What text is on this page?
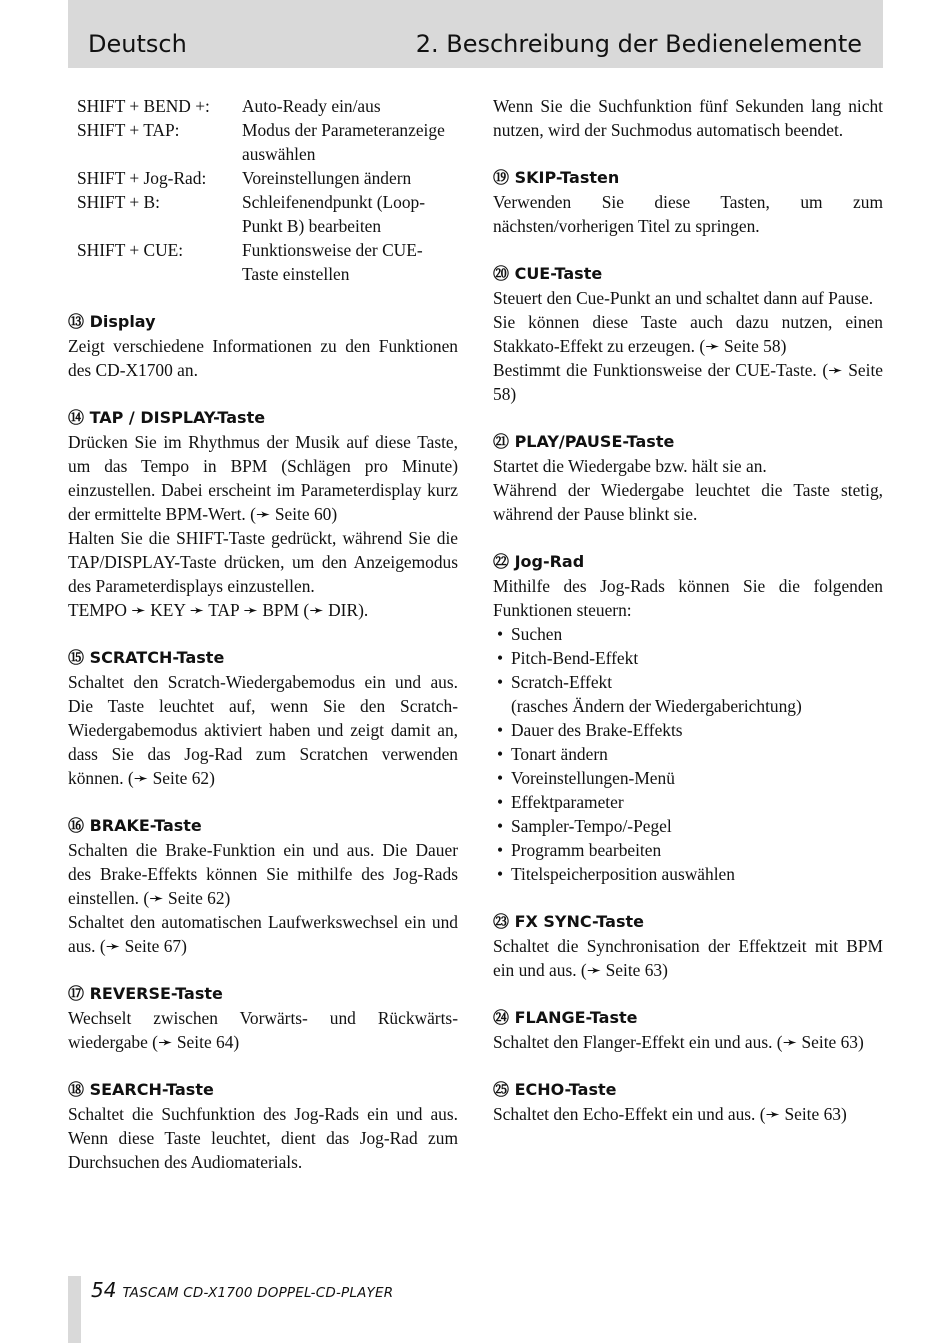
Deutsch	2. Beschreibung der Bedienelemente
SHIFT + BEND +:	Auto-Ready ein/aus
SHIFT + TAP:	Modus der Parameteranzeige auswählen
SHIFT + Jog-Rad:	Voreinstellungen ändern
SHIFT + B:	Schleifenendpunkt (Loop-Punkt B) bearbeiten
SHIFT + CUE:	Funktionsweise der CUE-Taste einstellen
⑬ Display

Zeigt verschiedene Informationen zu den Funktionen des CD-X1700 an.

⑭ TAP / DISPLAY-Taste

Drücken Sie im Rhythmus der Musik auf diese Taste, um das Tempo in BPM (Schlägen pro Minute) einzustellen. Dabei erscheint im Parameterdisplay kurz der ermittelte BPM-Wert. (➛ Seite 60)

Halten Sie die SHIFT-Taste gedrückt, während Sie die TAP/DISPLAY-Taste drücken, um den Anzeigemodus des Parameterdisplays einzustellen.

TEMPO ➛ KEY ➛ TAP ➛ BPM (➛ DIR).

⑮ SCRATCH-Taste

Schaltet den Scratch-Wiedergabemodus ein und aus. Die Taste leuchtet auf, wenn Sie den Scratch-Wiedergabemodus aktiviert haben und zeigt damit an, dass Sie das Jog-Rad zum Scratchen verwenden können. (➛ Seite 62)

⑯ BRAKE-Taste

Schalten die Brake-Funktion ein und aus. Die Dauer des Brake-Effekts können Sie mithilfe des Jog-Rads einstellen. (➛ Seite 62)

Schaltet den automatischen Laufwerkswechsel ein und aus. (➛ Seite 67)

⑰ REVERSE-Taste

Wechselt zwischen Vorwärts- und Rückwärtswiedergabe (➛ Seite 64)

⑱ SEARCH-Taste

Schaltet die Suchfunktion des Jog-Rads ein und aus. Wenn diese Taste leuchtet, dient das Jog-Rad zum Durchsuchen des Audiomaterials.

Wenn Sie die Suchfunktion fünf Sekunden lang nicht nutzen, wird der Suchmodus automatisch beendet.

⑲ SKIP-Tasten

Verwenden Sie diese Tasten, um zum nächsten/vorherigen Titel zu springen.

⑳ CUE-Taste

Steuert den Cue-Punkt an und schaltet dann auf Pause.

Sie können diese Taste auch dazu nutzen, einen Stakkato-Effekt zu erzeugen. (➛ Seite 58)

Bestimmt die Funktionsweise der CUE-Taste. (➛ Seite 58)

㉑ PLAY/PAUSE-Taste

Startet die Wiedergabe bzw. hält sie an.

Während der Wiedergabe leuchtet die Taste stetig, während der Pause blinkt sie.

㉒ Jog-Rad

Mithilfe des Jog-Rads können Sie die folgenden Funktionen steuern:

• Suchen
• Pitch-Bend-Effekt
• Scratch-Effekt
(rasches Ändern der Wiedergaberichtung)
• Dauer des Brake-Effekts
• Tonart ändern
• Voreinstellungen-Menü
• Effektparameter
• Sampler-Tempo/-Pegel
• Programm bearbeiten
• Titelspeicherposition auswählen
㉓ FX SYNC-Taste

Schaltet die Synchronisation der Effektzeit mit BPM ein und aus. (➛ Seite 63)

㉔ FLANGE-Taste

Schaltet den Flanger-Effekt ein und aus. (➛ Seite 63)

㉕ ECHO-Taste

Schaltet den Echo-Effekt ein und aus. (➛ Seite 63)

54 TASCAM CD-X1700 DOPPEL-CD-PLAYER
